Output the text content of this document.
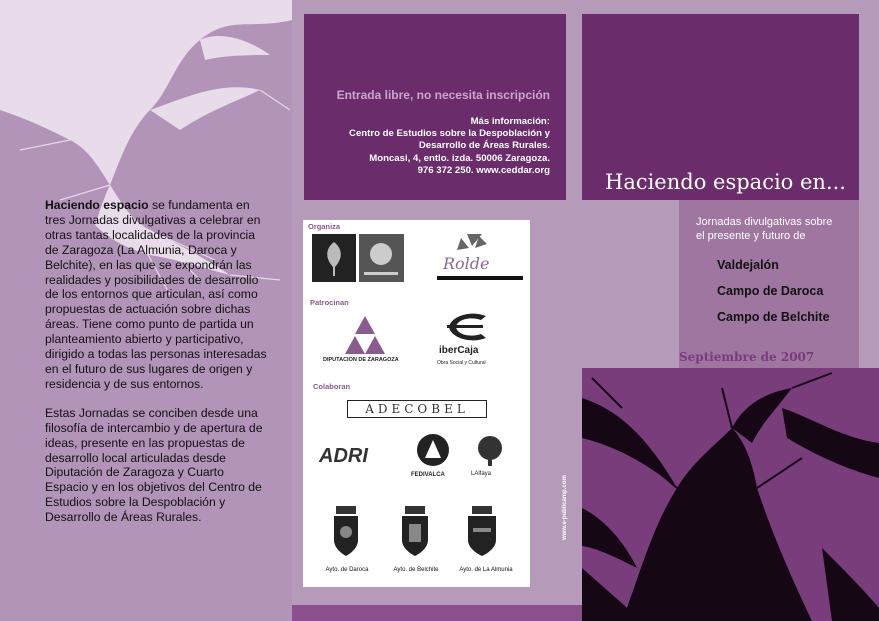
Haciendo espacio se fundamenta en tres Jornadas divulgativas a celebrar en otras tantas localidades de la provincia de Zaragoza (La Almunia, Daroca y Belchite), en las que se expondrán las realidades y posibilidades de desarrollo de los entornos que articulan, así como propuestas de actuación sobre dichas áreas. Tiene como punto de partida un planteamiento abierto y participativo, dirigido a todas las personas interesadas en el futuro de sus lugares de origen y residencia y de sus entornos.

Estas Jornadas se conciben desde una filosofía de intercambio y de apertura de ideas, presente en las propuestas de desarrollo local articuladas desde Diputación de Zaragoza y Cuarto Espacio y en los objetivos del Centro de Estudios sobre la Despoblación y Desarrollo de Áreas Rurales.

Entrada libre, no necesita inscripción
Más información:
Centro de Estudios sobre la Despoblación y
Desarrollo de Áreas Rurales.
Moncasi, 4, entlo. izda. 50006 Zaragoza.
976 372 250. www.ceddar.org
Organiza
Rolde
Patrocinan
DIPUTACION DE ZARAGOZA
iberCaja
Obra Social y Cultural
Colaboran
ADECOBEL
ADRI
FEDIVALCA	LAlfaya
Ayto. de Daroca	Ayto. de Belchite	Ayto. de La Almunia
www.e-publicamp.com
Haciendo espacio en...
Jornadas divulgativas sobre
el presente y futuro de
Valdejalón
Campo de Daroca
Campo de Belchite
Septiembre de 2007
